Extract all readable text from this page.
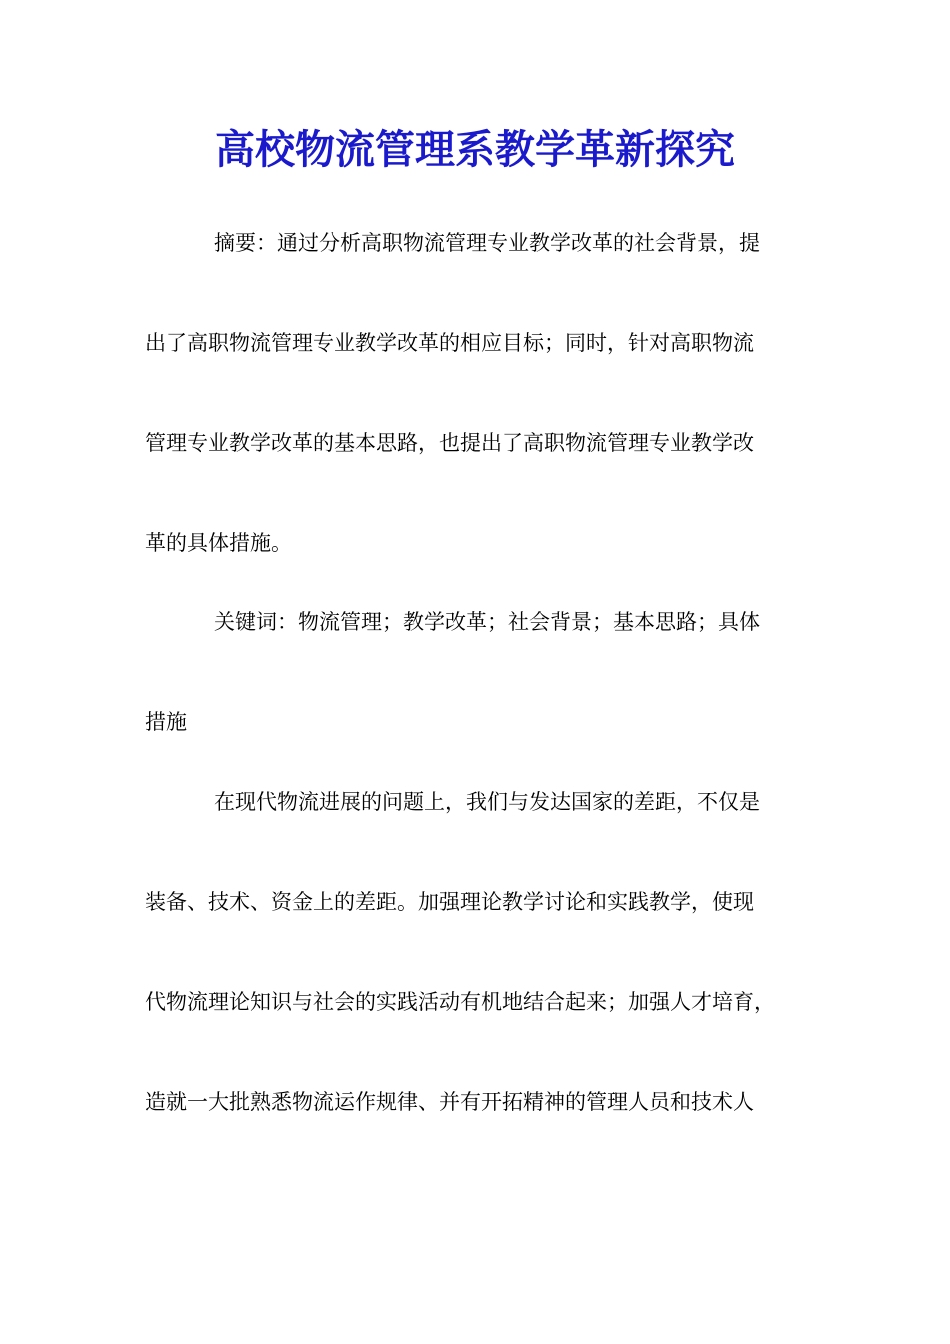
高校物流管理系教学革新探究
摘要：通过分析高职物流管理专业教学改革的社会背景，提
出了高职物流管理专业教学改革的相应目标；同时，针对高职物流
管理专业教学改革的基本思路，也提出了高职物流管理专业教学改
革的具体措施。
关键词：物流管理；教学改革；社会背景；基本思路；具体
措施
在现代物流进展的问题上，我们与发达国家的差距，不仅是
装备、技术、资金上的差距。加强理论教学讨论和实践教学，使现
代物流理论知识与社会的实践活动有机地结合起来；加强人才培育，
造就一大批熟悉物流运作规律、并有开拓精神的管理人员和技术人
